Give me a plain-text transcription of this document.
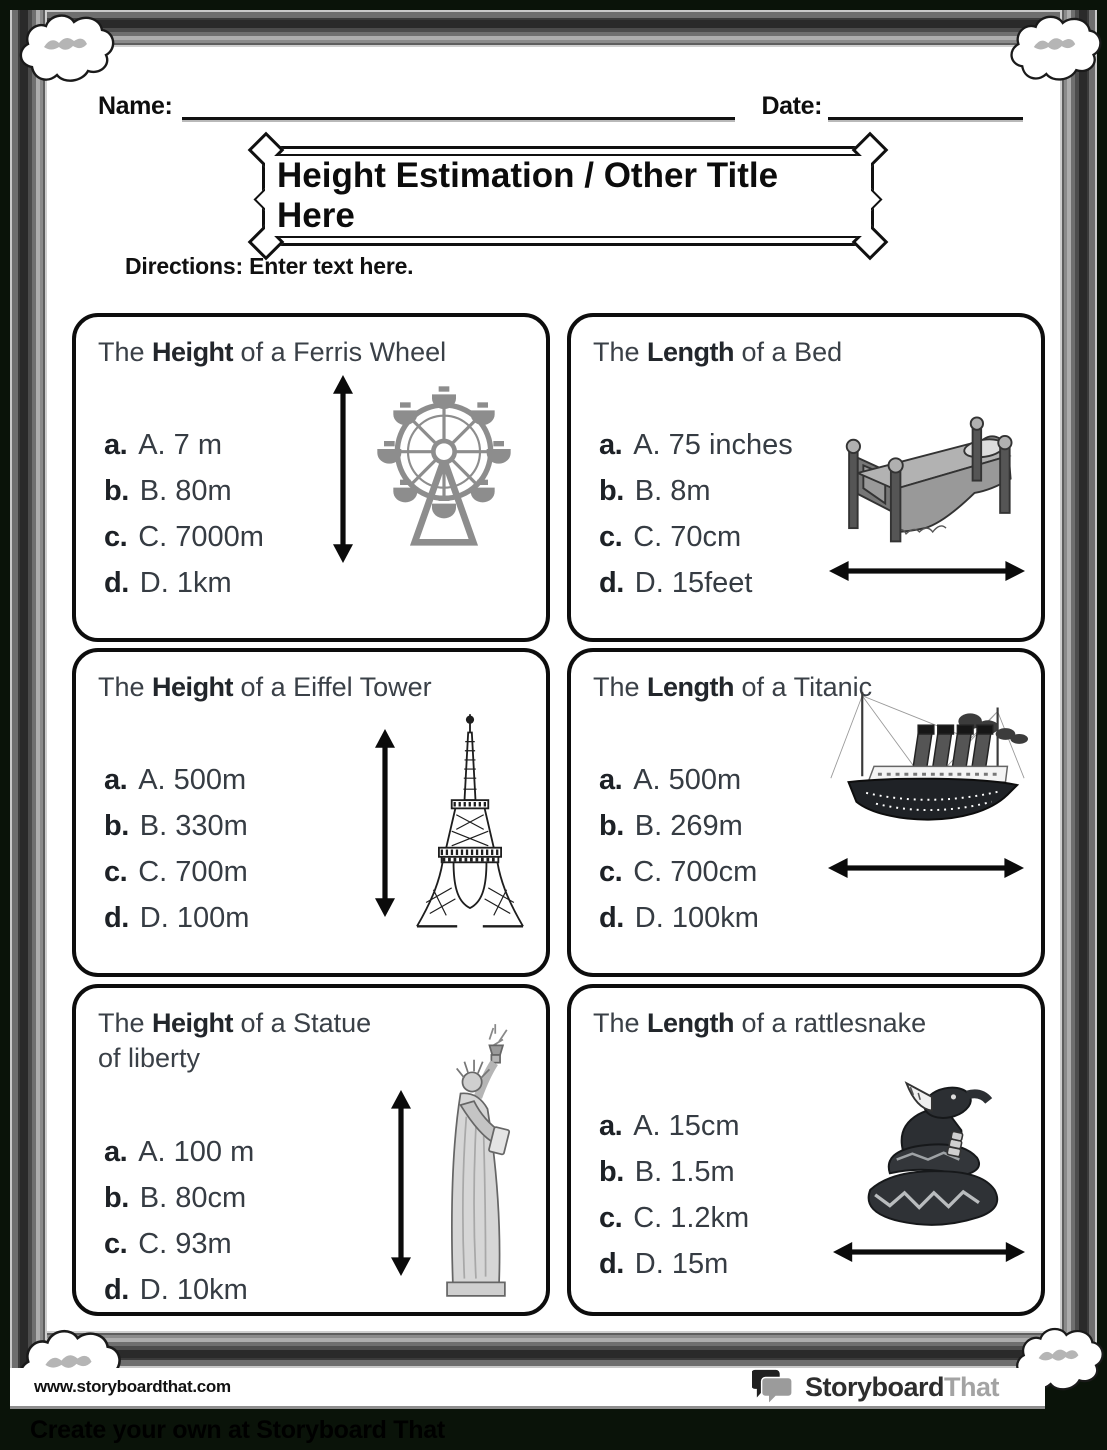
Name:	Date:
Height Estimation / Other Title Here
Directions: Enter text here.
The Height of a Ferris Wheel
a. A. 7 m
b. B. 80m
c. C. 7000m
d. D. 1km
The Length of a Bed
a. A. 75 inches
b. B. 8m
c. C. 70cm
d. D. 15feet
The Height of a Eiffel Tower
a. A. 500m
b. B. 330m
c. C. 700m
d. D. 100m
The Length of a Titanic
a. A. 500m
b. B. 269m
c. C. 700cm
d. D. 100km
The Height of a Statue of liberty
a. A. 100 m
b. B. 80cm
c. C. 93m
d. D. 10km
The Length of a rattlesnake
a. A. 15cm
b. B. 1.5m
c. C. 1.2km
d. D. 15m
www.storyboardthat.com	StoryboardThat
Create your own at Storyboard That
